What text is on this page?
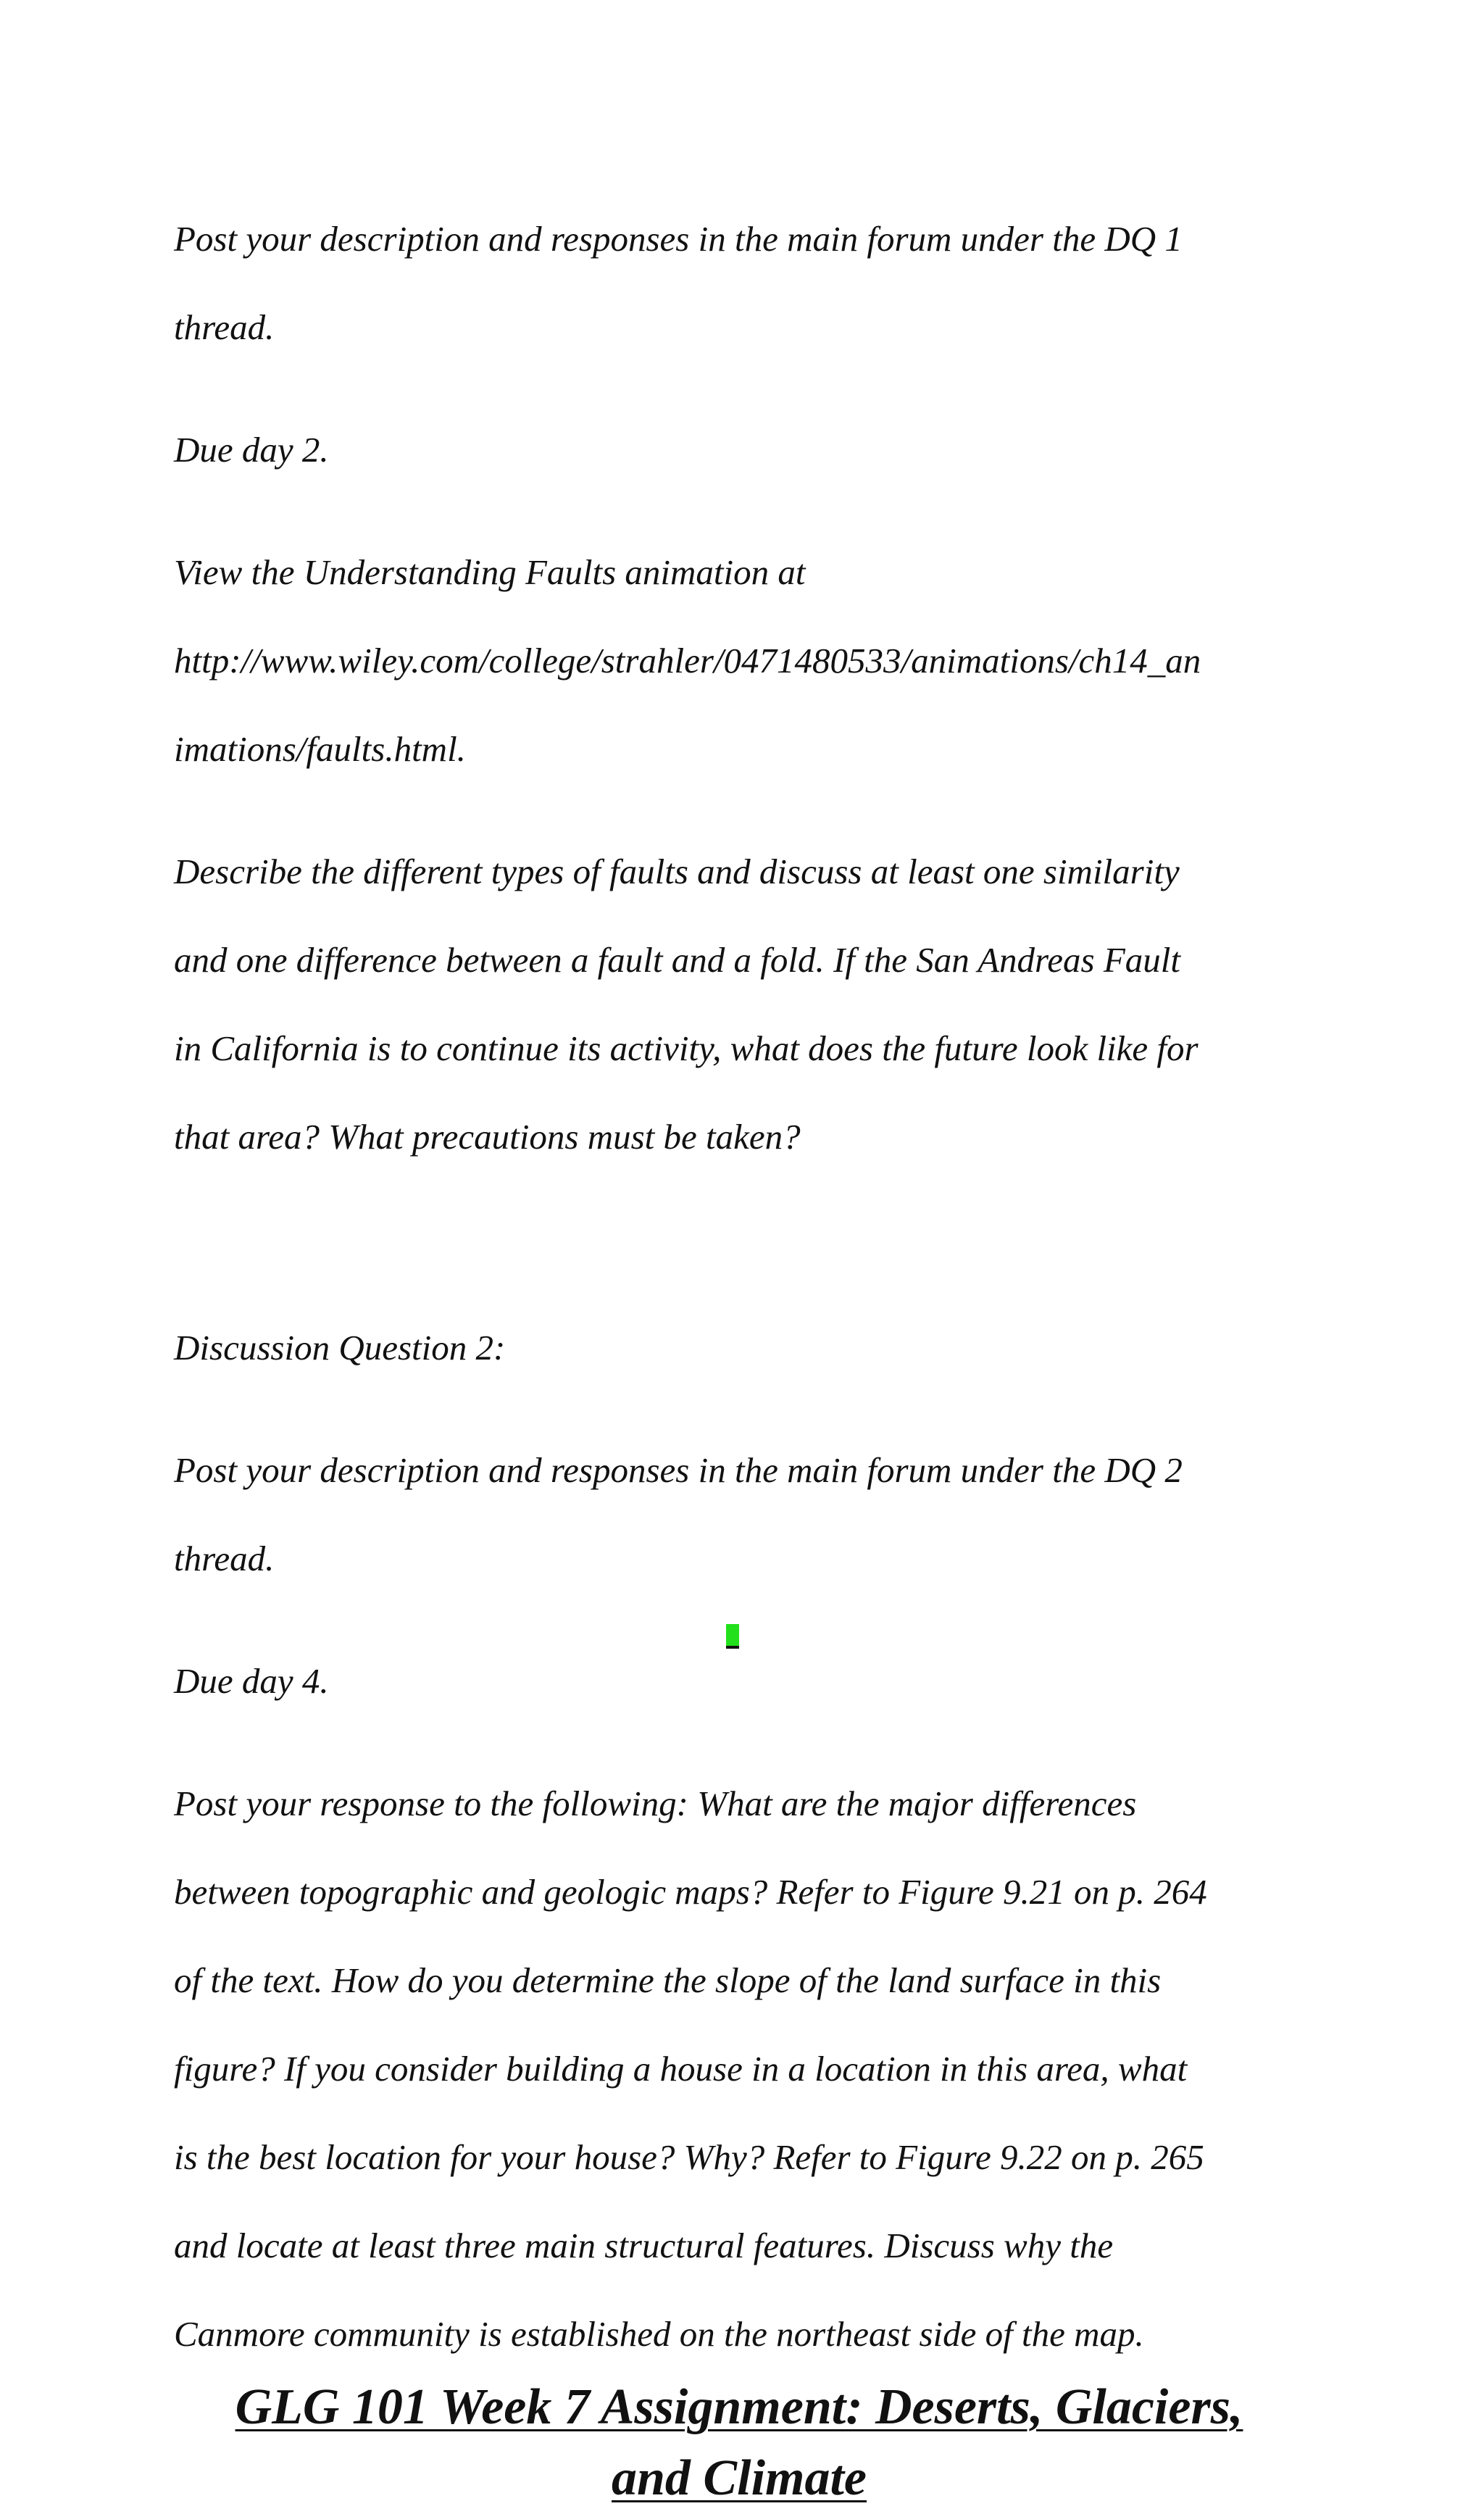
Post your description and responses in the main forum under the DQ 1

thread.

Due day 2.

View the Understanding Faults animation at

http://www.wiley.com/college/strahler/0471480533/animations/ch14_an

imations/faults.html.

Describe the different types of faults and discuss at least one similarity

and one difference between a fault and a fold. If the San Andreas Fault

in California is to continue its activity, what does the future look like for

that area? What precautions must be taken?

Discussion Question 2:

Post your description and responses in the main forum under the DQ 2

thread.

Due day 4.

Post your response to the following: What are the major differences

between topographic and geologic maps? Refer to Figure 9.21 on p. 264

of the text. How do you determine the slope of the land surface in this

figure? If you consider building a house in a location in this area, what

is the best location for your house? Why? Refer to Figure 9.22 on p. 265

and locate at least three main structural features. Discuss why the

Canmore community is established on the northeast side of the map.

GLG 101 Week 7 Assignment: Deserts, Glaciers,
and Climate
